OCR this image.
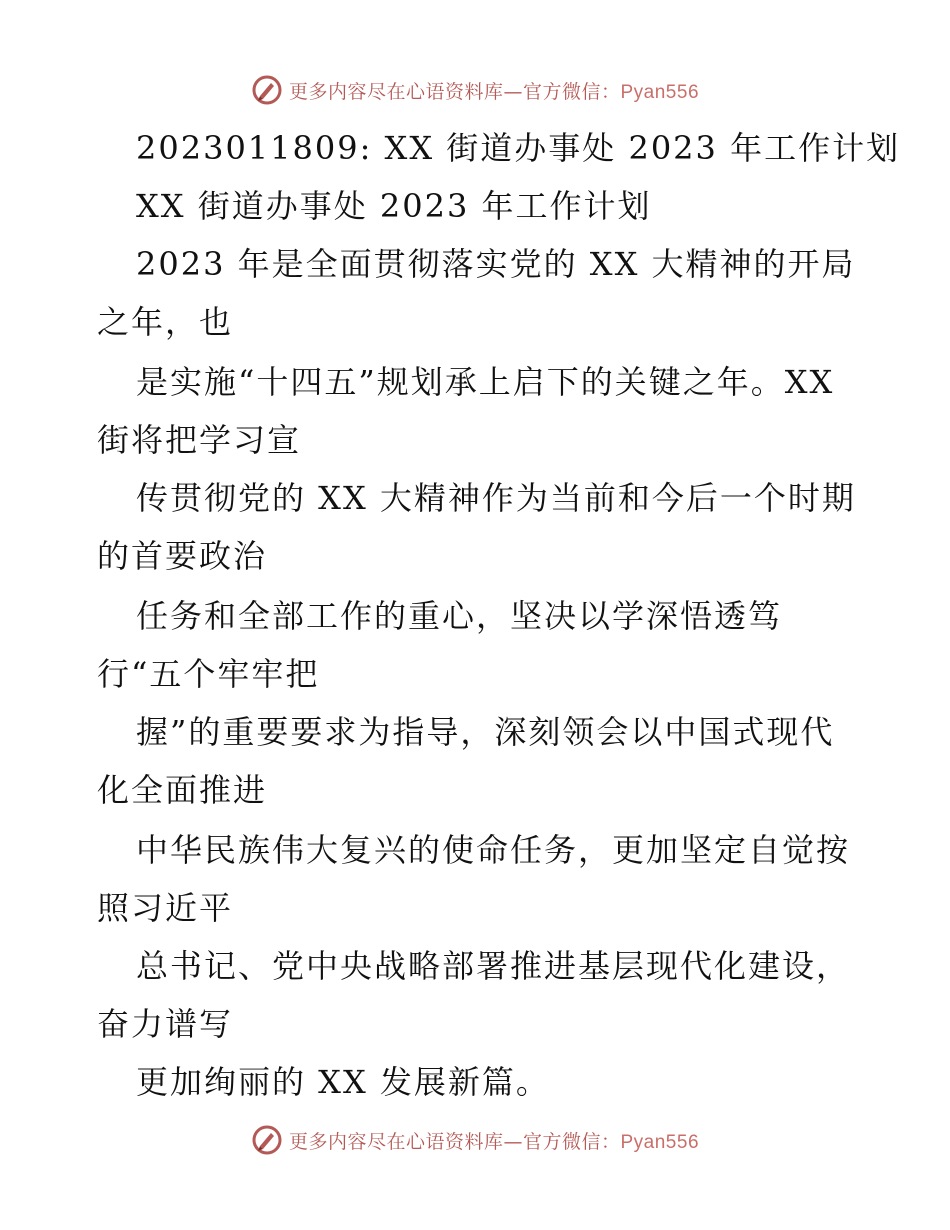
更多内容尽在心语资料库—官方微信：Pyan556
2023011809: XX 街道办事处 2023 年工作计划
XX 街道办事处 2023 年工作计划
2023 年是全面贯彻落实党的 XX 大精神的开局
之年，也
是实施“十四五”规划承上启下的关键之年。XX
街将把学习宣
传贯彻党的 XX 大精神作为当前和今后一个时期
的首要政治
任务和全部工作的重心，坚决以学深悟透笃
行“五个牢牢把
握”的重要要求为指导，深刻领会以中国式现代
化全面推进
中华民族伟大复兴的使命任务，更加坚定自觉按
照习近平
总书记、党中央战略部署推进基层现代化建设，
奋力谱写
更加绚丽的 XX 发展新篇。
更多内容尽在心语资料库—官方微信：Pyan556
